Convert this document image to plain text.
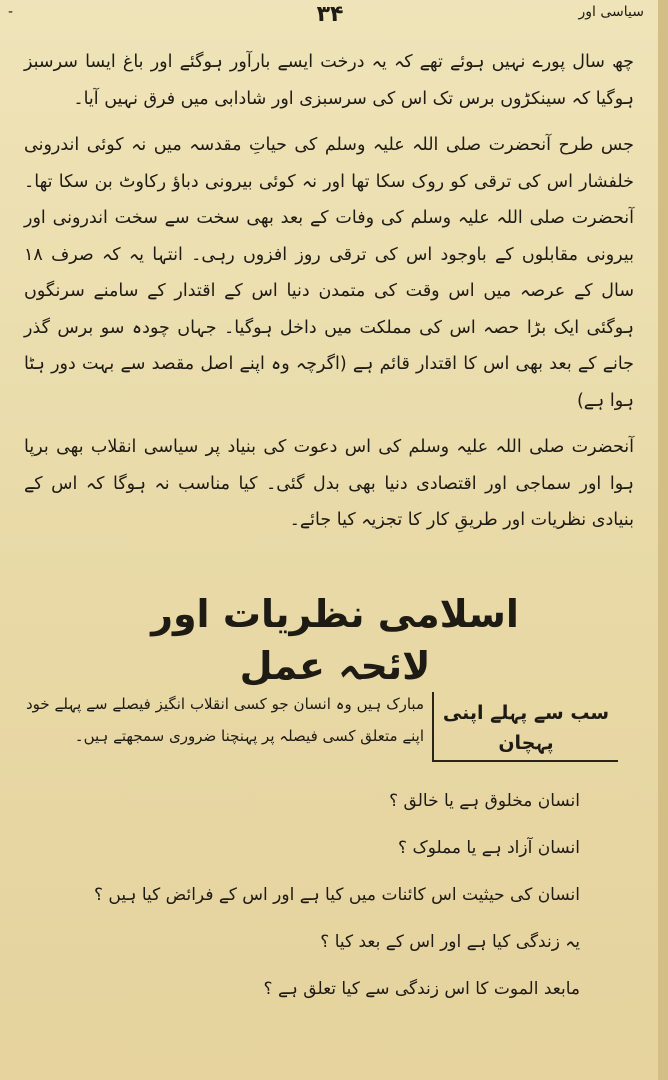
-	۳۴	سیاسی اور

چھ سال پورے نہیں ہوئے تھے کہ یہ درخت ایسے بارآور ہوگئے اور باغ ایسا سرسبز ہوگیا کہ سینکڑوں برس تک اس کی سرسبزی اور شادابی میں فرق نہیں آیا۔

جس طرح آنحضرت صلی اللہ علیہ وسلم کی حیاتِ مقدسہ میں نہ کوئی اندرونی خلفشار اس کی ترقی کو روک سکا تھا اور نہ کوئی بیرونی دباؤ رکاوٹ بن سکا تھا۔ آنحضرت صلی اللہ علیہ وسلم کی وفات کے بعد بھی سخت سے سخت اندرونی اور بیرونی مقابلوں کے باوجود اس کی ترقی روز افزوں رہی۔ انتہا یہ کہ صرف ۱۸ سال کے عرصہ میں اس وقت کی متمدن دنیا اس کے اقتدار کے سامنے سرنگوں ہوگئی ایک بڑا حصہ اس کی مملکت میں داخل ہوگیا۔ جہاں چودہ سو برس گذر جانے کے بعد بھی اس کا اقتدار قائم ہے (اگرچہ وہ اپنے اصل مقصد سے بہت دور ہٹا ہوا ہے)

آنحضرت صلی اللہ علیہ وسلم کی اس دعوت کی بنیاد پر سیاسی انقلاب بھی برپا ہوا اور سماجی اور اقتصادی دنیا بھی بدل گئی۔ کیا مناسب نہ ہوگا کہ اس کے بنیادی نظریات اور طریقِ کار کا تجزیہ کیا جائے۔

اسلامی نظریات اور لائحہ عمل
سب سے پہلے اپنی پہچان
مبارک ہیں وہ انسان جو کسی انقلاب انگیز فیصلے سے پہلے خود اپنے متعلق کسی فیصلہ پر پہنچنا ضروری سمجھتے ہیں۔
انسان مخلوق ہے یا خالق ؟
انسان آزاد ہے یا مملوک ؟
انسان کی حیثیت اس کائنات میں کیا ہے اور اس کے فرائض کیا ہیں ؟
یہ زندگی کیا ہے اور اس کے بعد کیا ؟
مابعد الموت کا اس زندگی سے کیا تعلق ہے ؟
